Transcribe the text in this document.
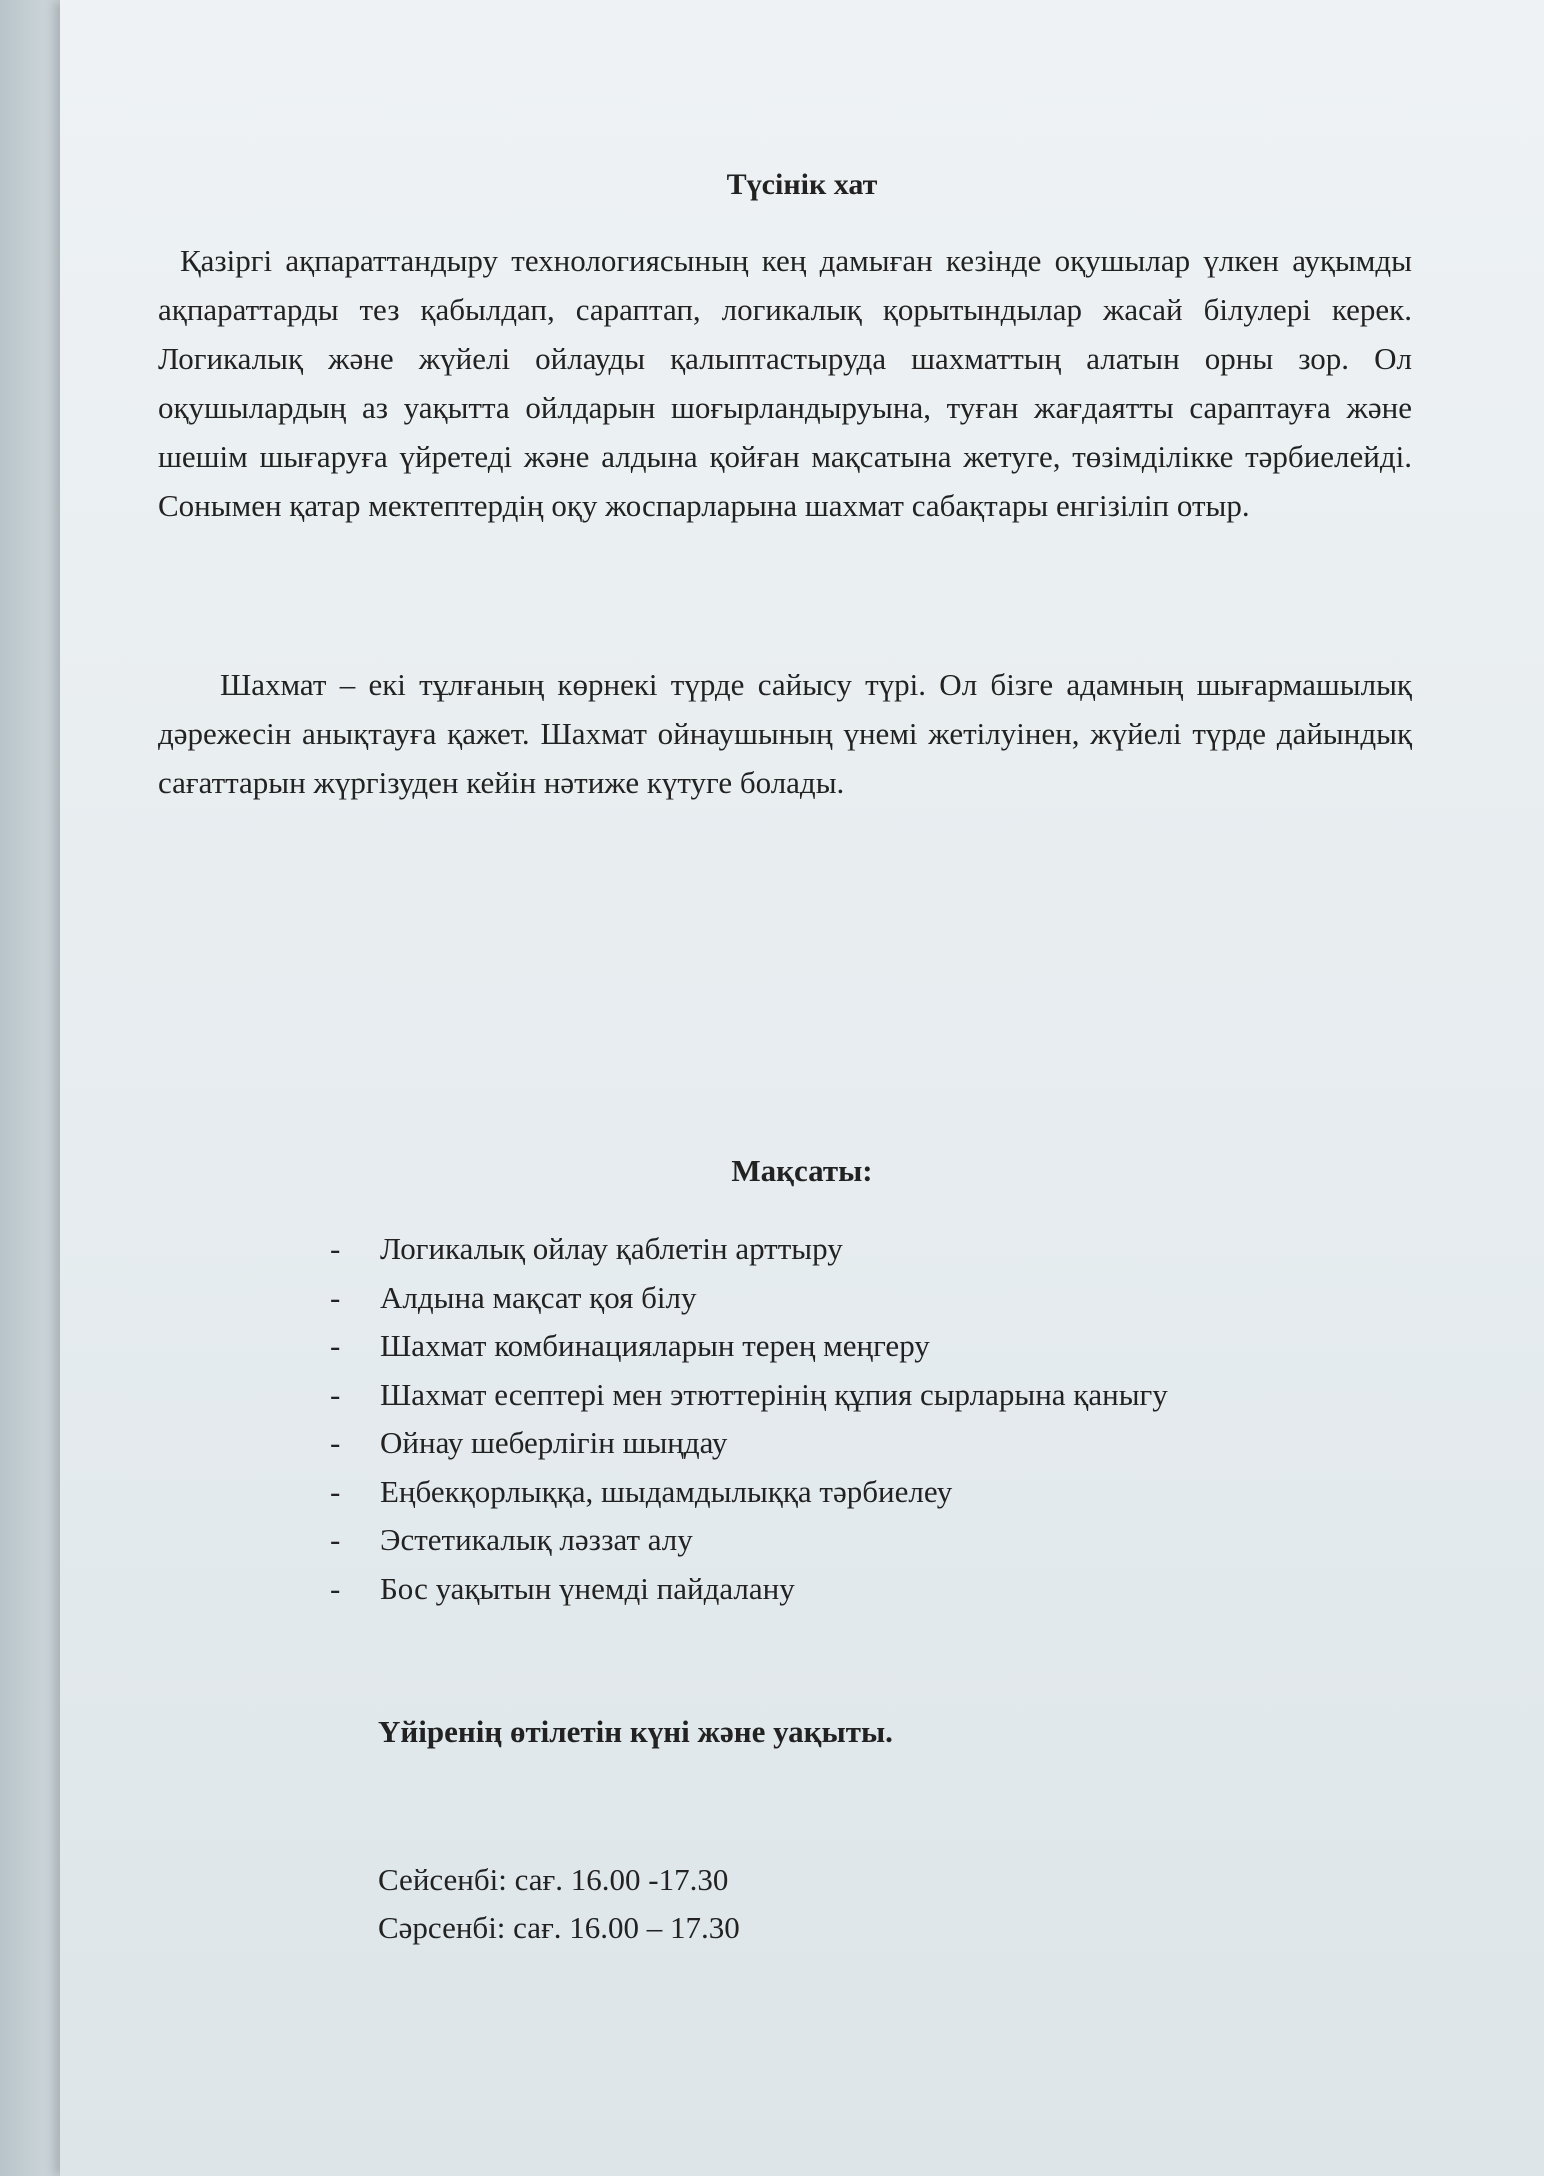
Түсінік хат
Қазіргі ақпараттандыру технологиясының кең дамыған кезінде оқушылар үлкен ауқымды ақпараттарды тез қабылдап, сараптап, логикалық қорытындылар жасай білулері керек. Логикалық және жүйелі ойлауды қалыптастыруда шахматтың алатын орны зор. Ол оқушылардың аз уақытта ойлдарын шоғырландыруына, туған жағдаятты сараптауға және шешім шығаруға үйретеді және алдына қойған мақсатына жетуге, төзімділікке тәрбиелейді. Сонымен қатар мектептердің оқу жоспарларына шахмат сабақтары енгізіліп отыр.
Шахмат – екі тұлғаның көрнекі түрде сайысу түрі. Ол бізге адамның шығармашылық дәрежесін анықтауға қажет. Шахмат ойнаушының үнемі жетілуінен, жүйелі түрде дайындық сағаттарын жүргізуден кейін нәтиже күтуге болады.
Мақсаты:
- Логикалық ойлау қаблетін арттыру
- Алдына мақсат қоя білу
- Шахмат комбинацияларын терең меңгеру
- Шахмат есептері мен этюттерінің құпия сырларына қаныгу
- Ойнау шеберлігін шыңдау
- Еңбекқорлыққа, шыдамдылыққа тәрбиелеу
- Эстетикалық ләззат алу
- Бос уақытын үнемді пайдалану
Үйіренің өтілетін күні және уақыты.
Сейсенбі: сағ. 16.00 -17.30
Сәрсенбі: сағ. 16.00 – 17.30
